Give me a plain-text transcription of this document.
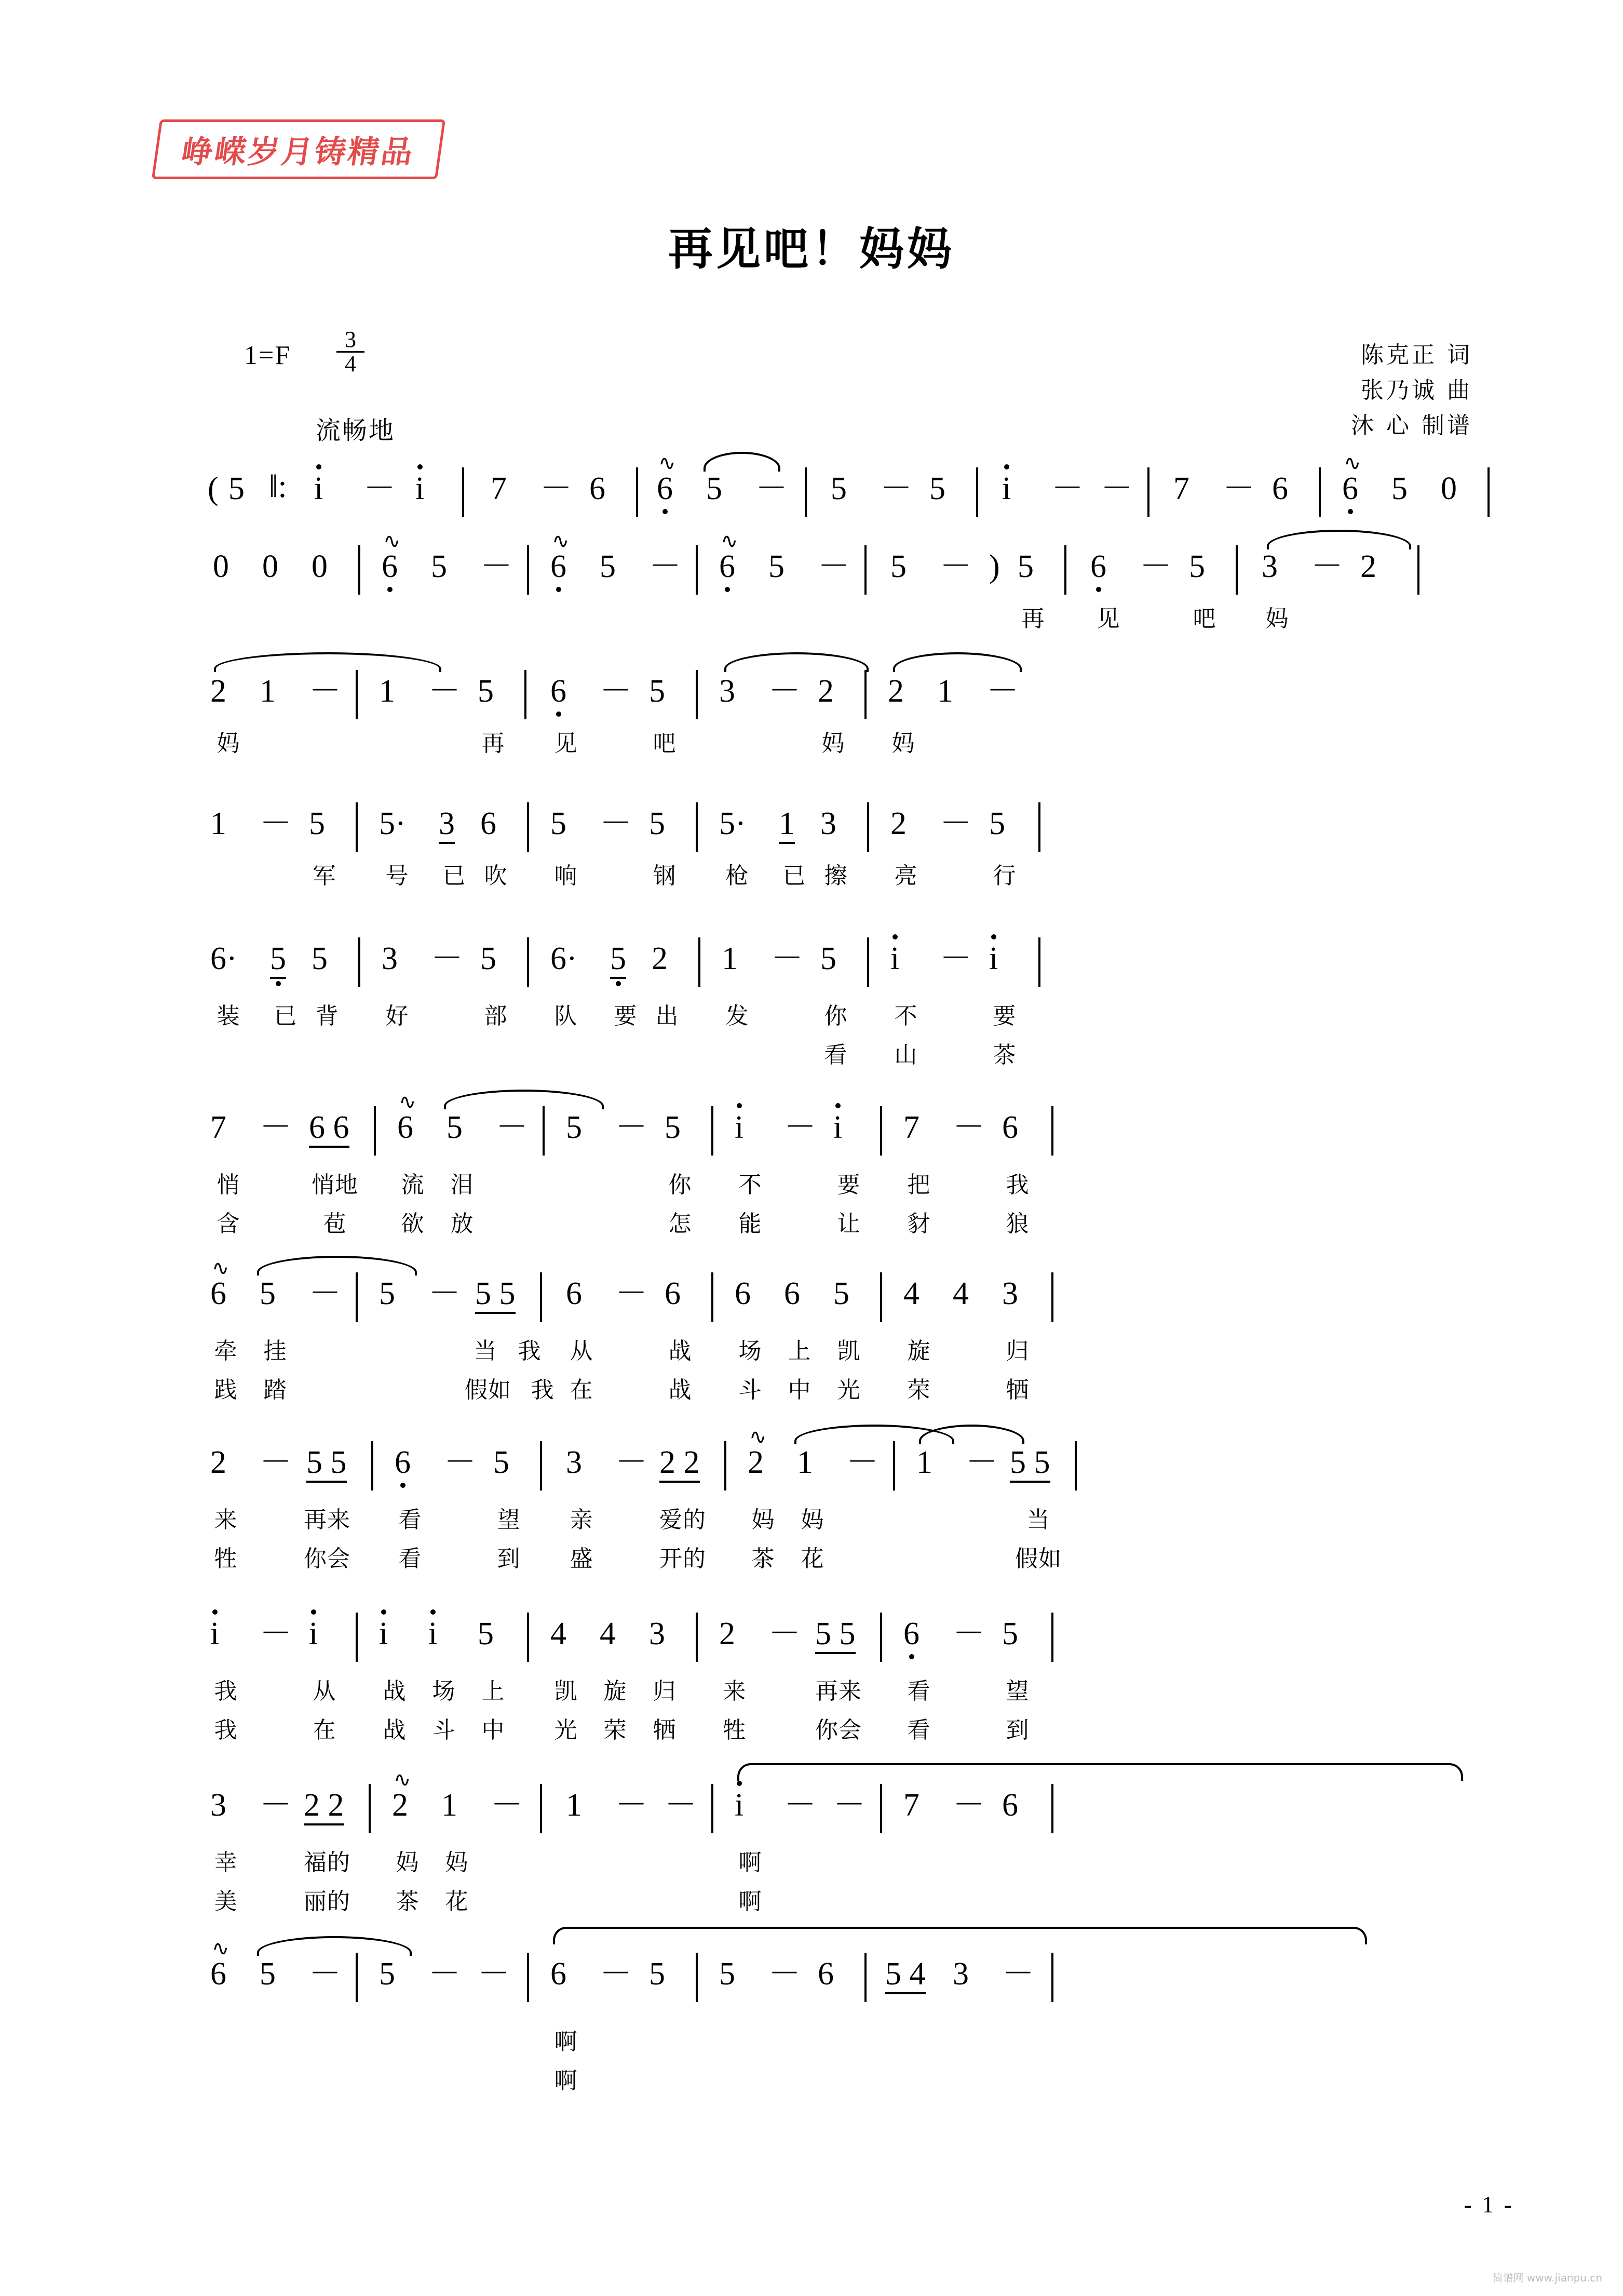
峥嵘岁月铸精品
再见吧！妈妈
$1=F \frac{3}{4}$
流畅地
陈克正 词
张乃诚 曲
沐 心 制谱
( 5 ‖: i － i 7 － 6
∿
6 5 － 5 － 5 i － － 7 － 6
∿
6 5 0
0 0 0
∿
6 5 －
∿
6 5 －
∿
6 5 － 5 － ) 5
再
6 － 5
见	吧
3 － 2
妈
2 1 －
妈
1 － 5
再
6 － 5
见	吧
3 － 2
妈
2 1 －
妈
1 － 5
军
5· 3 6
号	已 吹
5 － 5
响	钢
5· 1 3
枪	已 擦
2 － 5
亮	行
6· 5 5
装	已 背
3 － 5
好	部
6· 5 2
队	要 出
1 － 5
发	你
看
i － i
不
山
要
茶
7 － 6 6
悄
含
悄地
苞
∿
6 5 －
流
欲
泪
放
5 － 5
你
怎
i － i
不
能
要
让
7 － 6
把
豺
我
狼
∿
6 5 －
牵
践
挂
踏
5 － 5 5
当
假如
我
我
6 － 6
从
在
战
战
6 6 5
场
斗
上
中
凯
光
4 4 3
旋
荣
归
牺
2 － 5 5
来
牲
再来
你会
6 － 5
看
看
望
到
3 － 2 2
亲
盛
爱的
开的
∿
2 1 －
妈
茶
妈
花
1 － 5 5
当
假如
i － i
我
我
从
在
i i 5
战
战
场
斗
上
中
4 4 3
凯
光
旋
荣
归
牺
2 － 5 5
来
牲
再来
你会
6 － 5
看
看
望
到
3 － 2 2
幸
美
福的
丽的
∿
2 1 －
妈
茶
妈
花
1 － － i － －
啊
啊
7 － 6
∿
6 5 － 5 － － 6 － 5
啊
啊
5 － 6 5 4 3 －
- 1 -
简谱网 www.jianpu.cn
